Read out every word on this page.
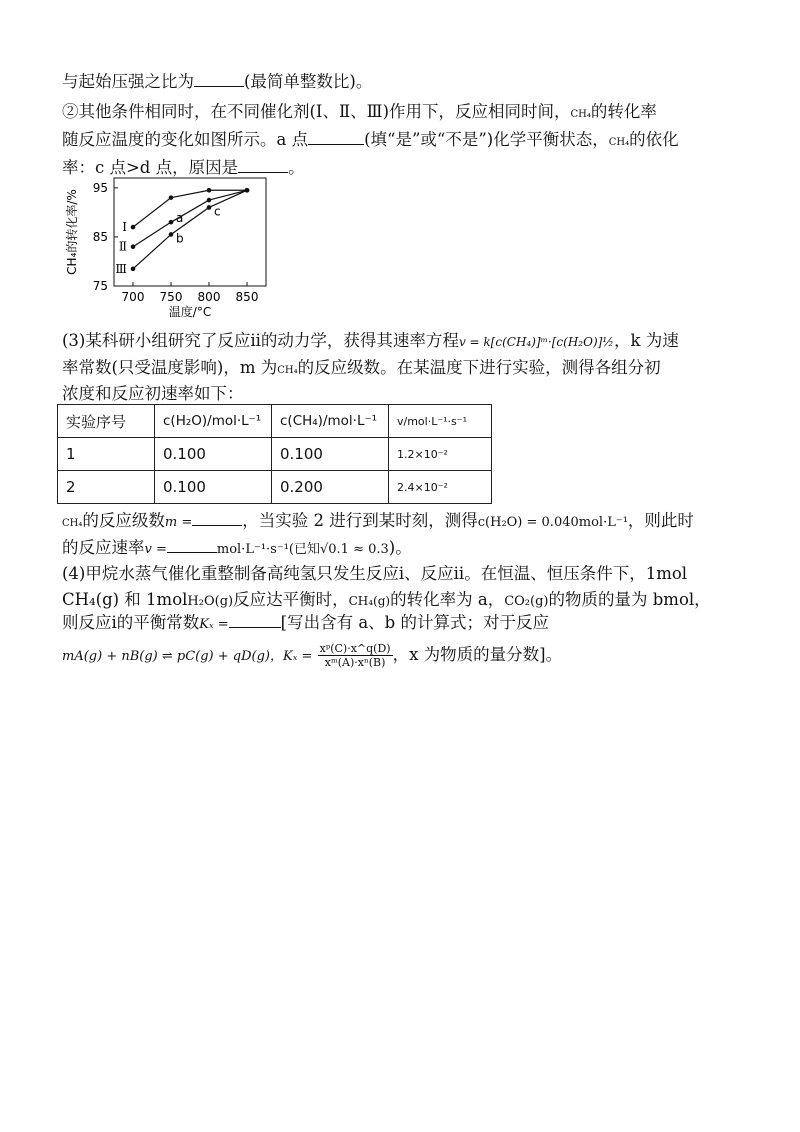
与起始压强之比为	(最简单整数比)。
②其他条件相同时，在不同催化剂(Ⅰ、Ⅱ、Ⅲ)作用下，反应相同时间，CH₄的转化率
随反应温度的变化如图所示。a 点	(填“是”或“不是”)化学平衡状态，CH₄的依化
率：c 点>d 点，原因是	。
700 750 800 850
75
85
95
温度/°C
CH₄的转化率/%	Ⅰ
Ⅱ
Ⅲ
a
b
c
(3)某科研小组研究了反应ii的动力学，获得其速率方程v = k[c(CH₄)]ᵐ·[c(H₂O)]½，k 为速
率常数(只受温度影响)，m 为CH₄的反应级数。在某温度下进行实验，测得各组分初
浓度和反应初速率如下：
实验序号	c(H₂O)/mol·L⁻¹	c(CH₄)/mol·L⁻¹	v/mol·L⁻¹·s⁻¹
1	0.100	0.100	1.2×10⁻²
2	0.100	0.200	2.4×10⁻²
CH₄的反应级数m =	，当实验 2 进行到某时刻，测得c(H₂O) = 0.040mol·L⁻¹，则此时
的反应速率v =	mol·L⁻¹·s⁻¹(已知√0.1 ≈ 0.3)。
(4)甲烷水蒸气催化重整制备高纯氢只发生反应i、反应ii。在恒温、恒压条件下，1mol
CH₄(g) 和 1molH₂O(g)反应达平衡时，CH₄(g)的转化率为 a，CO₂(g)的物质的量为 bmol，
则反应i的平衡常数Kₓ =	[写出含有 a、b 的计算式；对于反应
mA(g) + nB(g) ⇌ pC(g) + qD(g)，$K_x = \frac{\text{xᵖ(C)·x\textasciicircum{}q(D)}}{\text{xᵐ(A)·xⁿ(B)}}$ ，x 为物质的量分数]。
